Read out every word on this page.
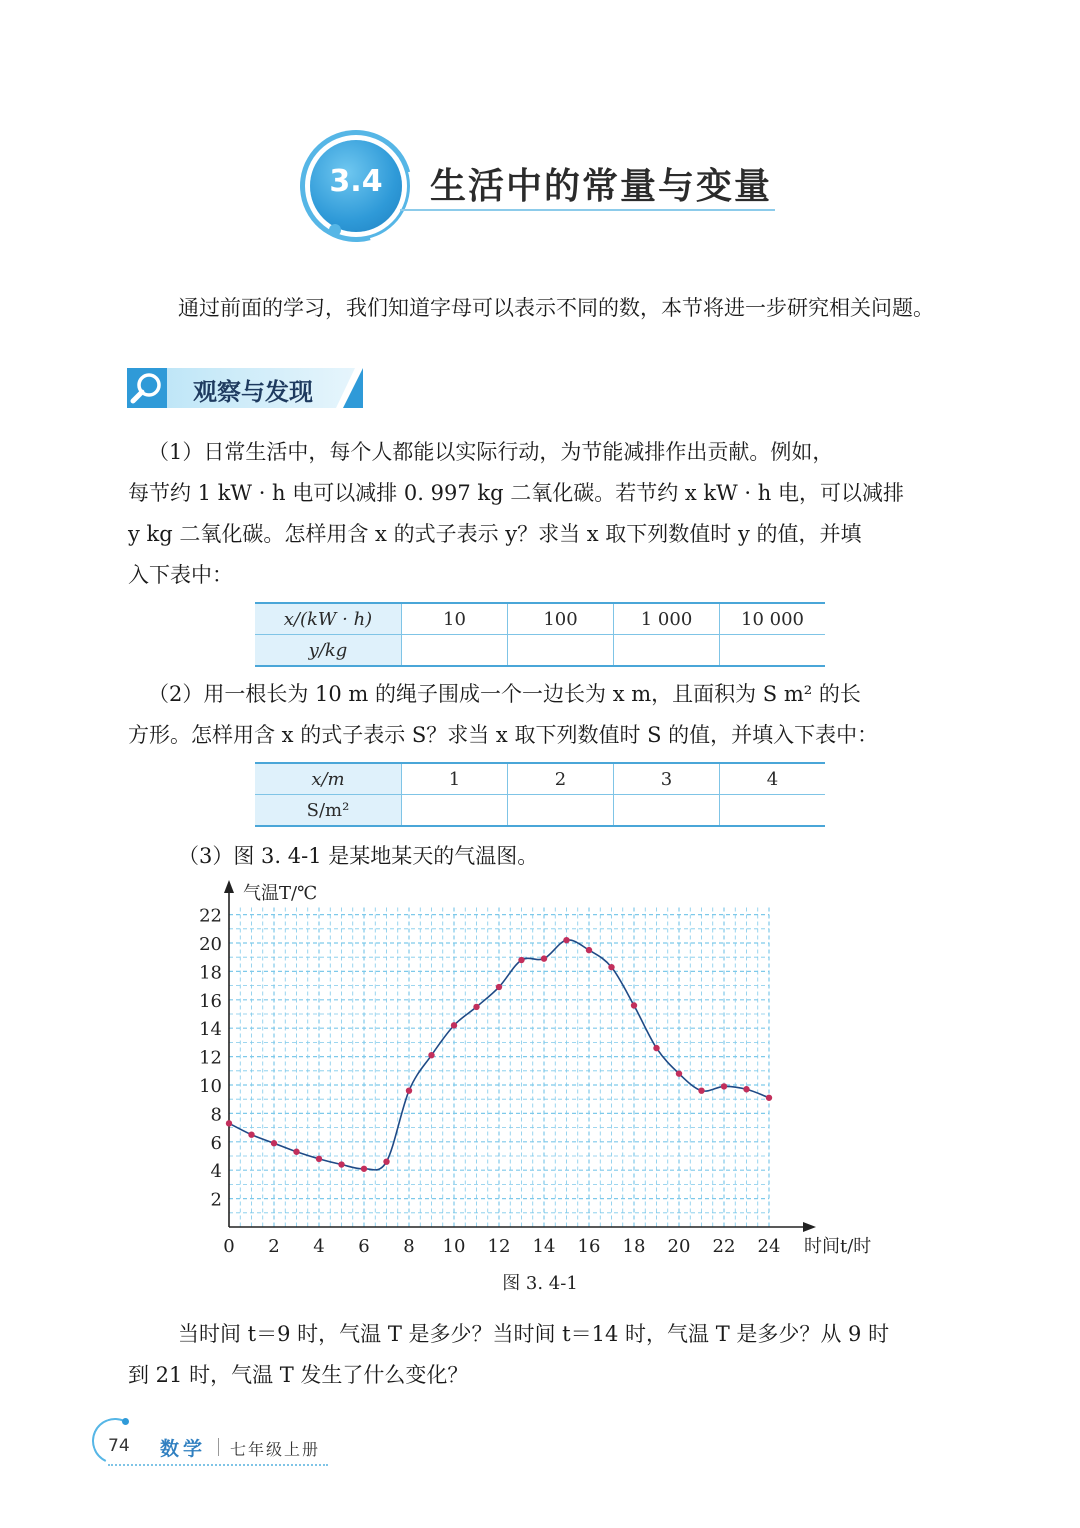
3.4	生活中的常量与变量
通过前面的学习，我们知道字母可以表示不同的数，本节将进一步研究相关问题。
观察与发现
（1）日常生活中，每个人都能以实际行动，为节能减排作出贡献。例如，
每节约 1 kW · h 电可以减排 0. 997 kg 二氧化碳。若节约 x kW · h 电，可以减排
y kg 二氧化碳。怎样用含 x 的式子表示 y？求当 x 取下列数值时 y 的值，并填
入下表中：
x/(kW · h)	10	100	1 000	10 000
y/kg				
（2）用一根长为 10 m 的绳子围成一个一边长为 x m，且面积为 S m² 的长
方形。怎样用含 x 的式子表示 S？求当 x 取下列数值时 S 的值，并填入下表中：
x/m	1	2	3	4
S/m²				
（3）图 3. 4-1 是某地某天的气温图。
2
4
6
8
10
12
14
16
18
20
22
0 2 4 6 8 10 12 14 16 18 20 22 24
气温T/℃
时间t/时
图 3. 4-1
当时间 t＝9 时，气温 T 是多少？当时间 t＝14 时，气温 T 是多少？从 9 时
到 21 时，气温 T 发生了什么变化？
74 数学 七年级上册
